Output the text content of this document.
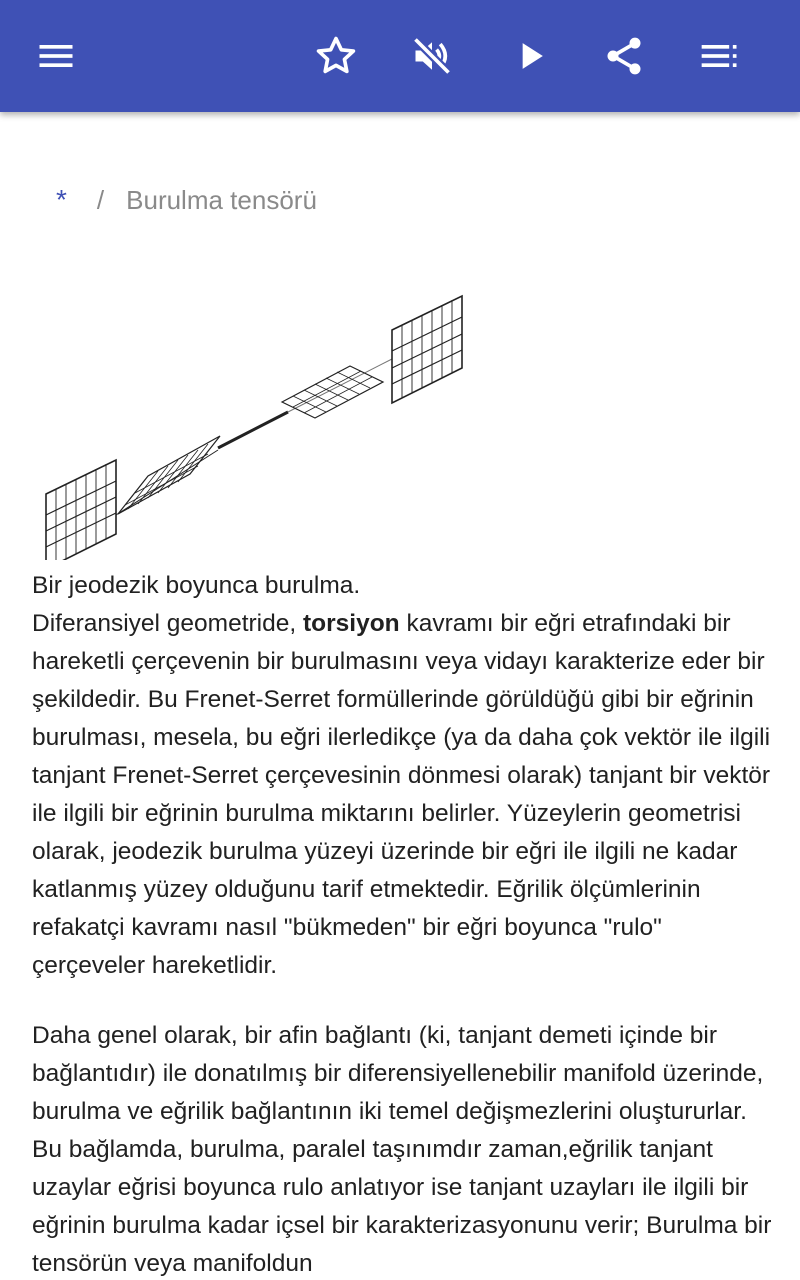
* / Burulma tensörü
Bir jeodezik boyunca burulma.

Diferansiyel geometride, torsiyon kavramı bir eğri etrafındaki bir hareketli çerçevenin bir burulmasını veya vidayı karakterize eder bir şekildedir. Bu Frenet-Serret formüllerinde görüldüğü gibi bir eğrinin burulması, mesela, bu eğri ilerledikçe (ya da daha çok vektör ile ilgili tanjant Frenet-Serret çerçevesinin dönmesi olarak) tanjant bir vektör ile ilgili bir eğrinin burulma miktarını belirler. Yüzeylerin geometrisi olarak, jeodezik burulma yüzeyi üzerinde bir eğri ile ilgili ne kadar katlanmış yüzey olduğunu tarif etmektedir. Eğrilik ölçümlerinin refakatçi kavramı nasıl "bükmeden" bir eğri boyunca "rulo" çerçeveler hareketlidir.

Daha genel olarak, bir afin bağlantı (ki, tanjant demeti içinde bir bağlantıdır) ile donatılmış bir diferensiyellenebilir manifold üzerinde, burulma ve eğrilik bağlantının iki temel değişmezlerini oluştururlar. Bu bağlamda, burulma, paralel taşınımdır zaman,eğrilik tanjant uzaylar eğrisi boyunca rulo anlatıyor ise tanjant uzayları ile ilgili bir eğrinin burulma kadar içsel bir karakterizasyonunu verir; Burulma bir tensörün veya manifoldun
